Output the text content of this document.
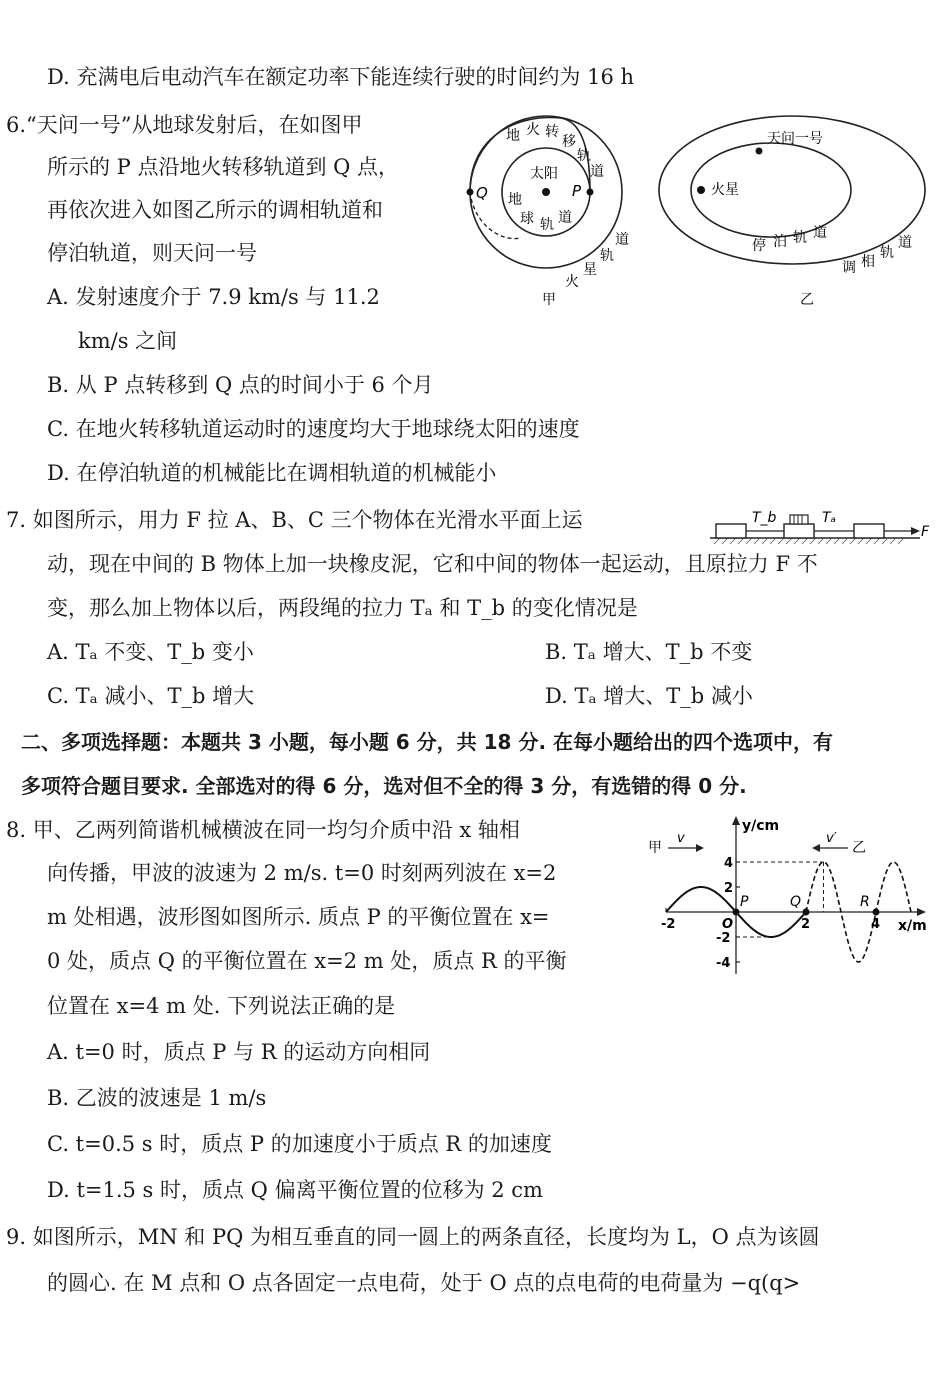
D. 充满电后电动汽车在额定功率下能连续行驶的时间约为 16 h
6.“天问一号”从地球发射后，在如图甲
所示的 P 点沿地火转移轨道到 Q 点，
再依次进入如图乙所示的调相轨道和
停泊轨道，则天问一号
A. 发射速度介于 7.9 km/s 与 11.2
km/s 之间
B. 从 P 点转移到 Q 点的时间小于 6 个月
C. 在地火转移轨道运动时的速度均大于地球绕太阳的速度
D. 在停泊轨道的机械能比在调相轨道的机械能小
Q	P
太阳
地 火 转
移
轨
道
地
球 轨 道
火
星
轨
道
甲
天问一号
火星
停 泊 轨 道
调 相
轨
道
乙
7. 如图所示，用力 F 拉 A、B、C 三个物体在光滑水平面上运
动，现在中间的 B 物体上加一块橡皮泥，它和中间的物体一起运动，且原拉力 F 不
变，那么加上物体以后，两段绳的拉力 Tₐ 和 T_b 的变化情况是
A. Tₐ 不变、T_b 变小	B. Tₐ 增大、T_b 不变
C. Tₐ 减小、T_b 增大	D. Tₐ 增大、T_b 减小
T_b	Tₐ
F
二、多项选择题：本题共 3 小题，每小题 6 分，共 18 分. 在每小题给出的四个选项中，有
多项符合题目要求. 全部选对的得 6 分，选对但不全的得 3 分，有选错的得 0 分.
8. 甲、乙两列简谐机械横波在同一均匀介质中沿 x 轴相
向传播，甲波的波速为 2 m/s. t=0 时刻两列波在 x=2
m 处相遇，波形图如图所示. 质点 P 的平衡位置在 x=
0 处，质点 Q 的平衡位置在 x=2 m 处，质点 R 的平衡
位置在 x=4 m 处. 下列说法正确的是
A. t=0 时，质点 P 与 R 的运动方向相同
B. 乙波的波速是 1 m/s
C. t=0.5 s 时，质点 P 的加速度小于质点 R 的加速度
D. t=1.5 s 时，质点 Q 偏离平衡位置的位移为 2 cm
y/cm
x/m
甲
v	v′
乙
-2	O	2	4
4
2
-2
-4
P	Q	R
9. 如图所示，MN 和 PQ 为相互垂直的同一圆上的两条直径，长度均为 L，O 点为该圆
的圆心. 在 M 点和 O 点各固定一点电荷，处于 O 点的点电荷的电荷量为 −q(q>
